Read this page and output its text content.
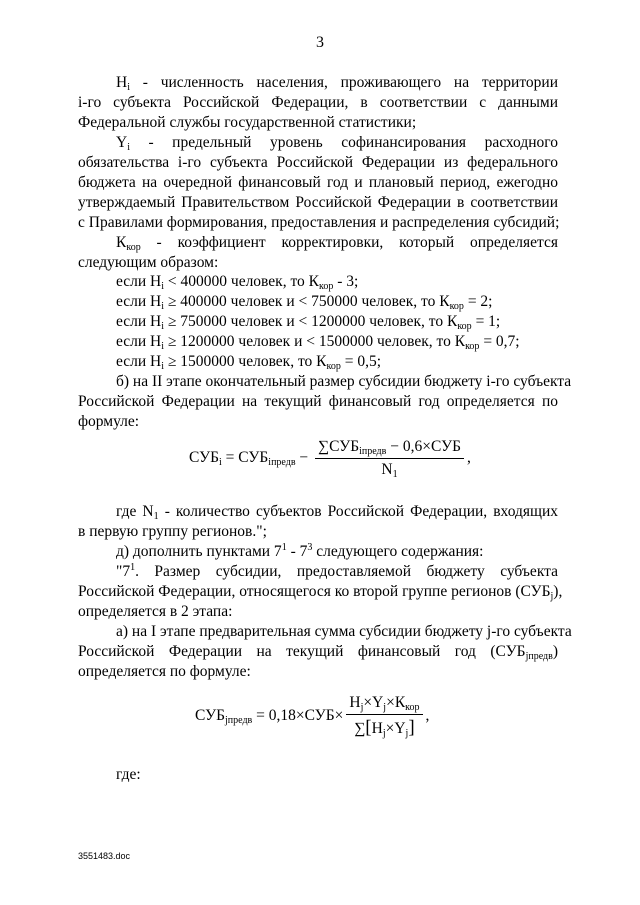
3
$H_i$ - численность населения, проживающего на территории
i-го субъекта Российской Федерации, в соответствии с данными
Федеральной службы государственной статистики;
$Y_i$ - предельный уровень софинансирования расходного
обязательства i-го субъекта Российской Федерации из федерального
бюджета на очередной финансовый год и плановый период, ежегодно
утверждаемый Правительством Российской Федерации в соответствии
с Правилами формирования, предоставления и распределения субсидий;
$К_{кор}$ - коэффициент корректировки, который определяется
следующим образом:
если $H_i < 400000$ человек, то $К_{кор} - 3$;
если $H_i \ge 400000$ человек и < 750000 человек, то $К_{кор} = 2$;
если $H_i \ge 750000$ человек и < 1200000 человек, то $К_{кор} = 1$;
если $H_i \ge 1200000$ человек и < 1500000 человек, то $К_{кор} = 0,7$;
если $H_i \ge 1500000$ человек, то $К_{кор} = 0,5$;
б) на II этапе окончательный размер субсидии бюджету i-го субъекта
Российской Федерации на текущий финансовый год определяется по
формуле:
$СУБ_i = СУБ_{iпредв} - \frac{\sum СУБ_{iпредв} - 0,6\times СУБ}{N_1}$ ,
где $N_1$ - количество субъектов Российской Федерации, входящих
в первую группу регионов.";
д) дополнить пунктами $7^1 - 7^3$ следующего содержания:
"$7^1$. Размер субсидии, предоставляемой бюджету субъекта
Российской Федерации, относящегося ко второй группе регионов $(СУБ_j)$,
определяется в 2 этапа:
а) на I этапе предварительная сумма субсидии бюджету j-го субъекта
Российской Федерации на текущий финансовый год $(СУБ_{jпредв})$
определяется по формуле:
$СУБ_{jпредв} = 0,18\times СУБ\times \frac{H_j\times Y_j\times К_{кор}}{\sum[H_j\times Y_j]}$ ,
где:
3551483.doc
